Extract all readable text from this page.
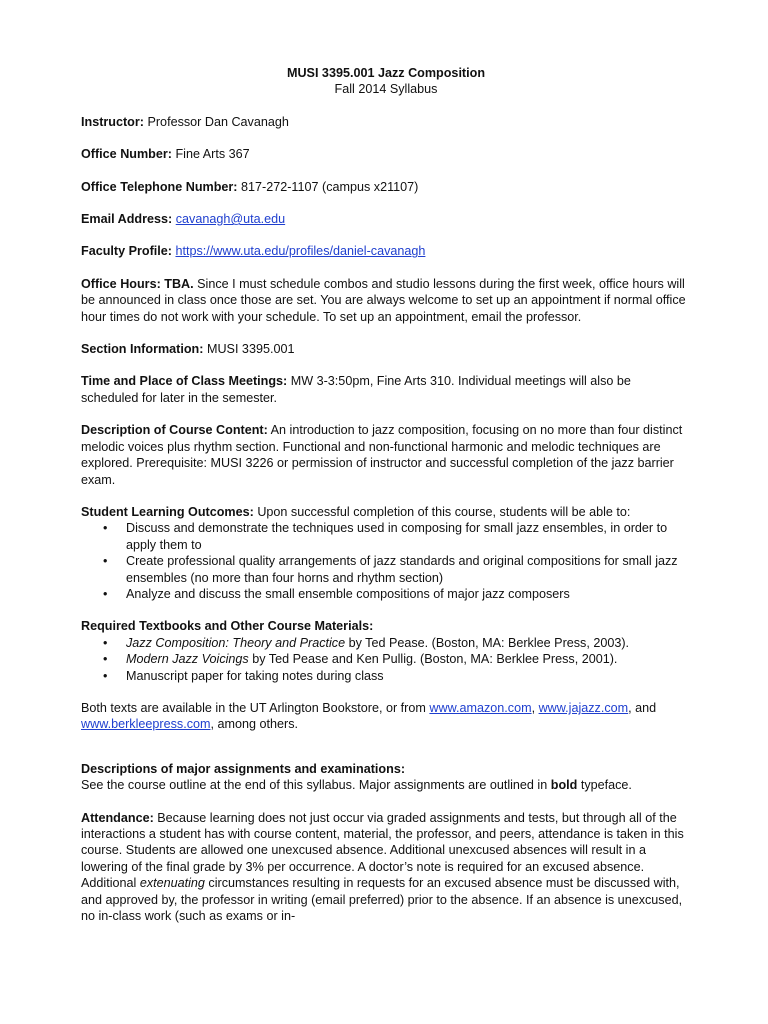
MUSI 3395.001 Jazz Composition

Fall 2014 Syllabus

Instructor: Professor Dan Cavanagh

Office Number: Fine Arts 367

Office Telephone Number: 817-272-1107 (campus x21107)

Email Address: cavanagh@uta.edu

Faculty Profile: https://www.uta.edu/profiles/daniel-cavanagh

Office Hours: TBA. Since I must schedule combos and studio lessons during the first week, office hours will be announced in class once those are set. You are always welcome to set up an appointment if normal office hour times do not work with your schedule. To set up an appointment, email the professor.

Section Information: MUSI 3395.001

Time and Place of Class Meetings: MW 3-3:50pm, Fine Arts 310. Individual meetings will also be scheduled for later in the semester.

Description of Course Content: An introduction to jazz composition, focusing on no more than four distinct melodic voices plus rhythm section. Functional and non-functional harmonic and melodic techniques are explored. Prerequisite: MUSI 3226 or permission of instructor and successful completion of the jazz barrier exam.

Student Learning Outcomes: Upon successful completion of this course, students will be able to:

• Discuss and demonstrate the techniques used in composing for small jazz ensembles, in order to apply them to
• Create professional quality arrangements of jazz standards and original compositions for small jazz ensembles (no more than four horns and rhythm section)
• Analyze and discuss the small ensemble compositions of major jazz composers

Required Textbooks and Other Course Materials:

• Jazz Composition: Theory and Practice by Ted Pease. (Boston, MA: Berklee Press, 2003).
• Modern Jazz Voicings by Ted Pease and Ken Pullig. (Boston, MA: Berklee Press, 2001).
• Manuscript paper for taking notes during class

Both texts are available in the UT Arlington Bookstore, or from www.amazon.com, www.jajazz.com, and www.berkleepress.com, among others.

Descriptions of major assignments and examinations:

See the course outline at the end of this syllabus. Major assignments are outlined in bold typeface.

Attendance: Because learning does not just occur via graded assignments and tests, but through all of the interactions a student has with course content, material, the professor, and peers, attendance is taken in this course. Students are allowed one unexcused absence. Additional unexcused absences will result in a lowering of the final grade by 3% per occurrence. A doctor’s note is required for an excused absence. Additional extenuating circumstances resulting in requests for an excused absence must be discussed with, and approved by, the professor in writing (email preferred) prior to the absence. If an absence is unexcused, no in-class work (such as exams or in-
